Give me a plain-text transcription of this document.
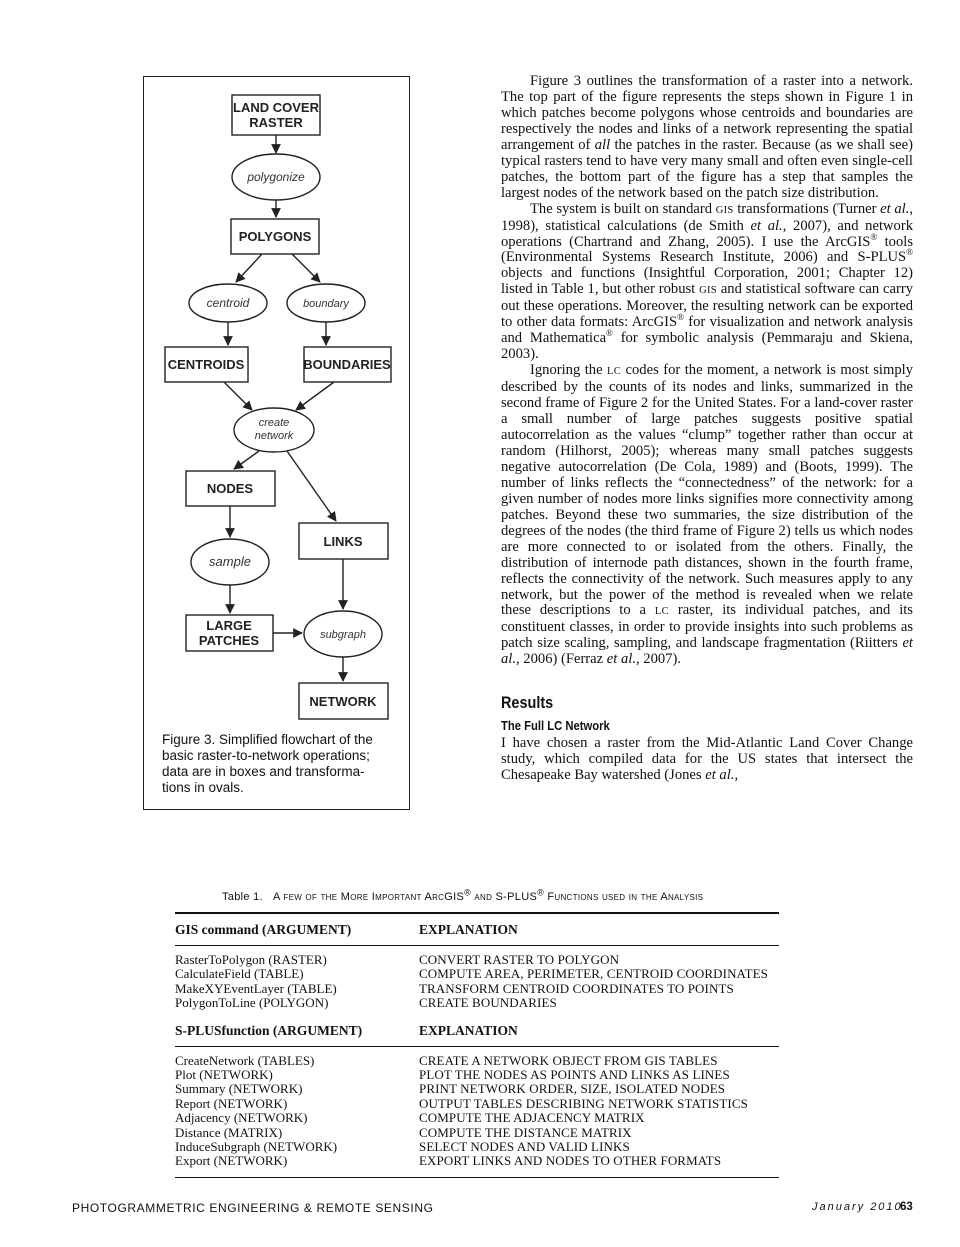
LAND COVER
RASTER
polygonize
POLYGONS
centroid	boundary
CENTROIDS	BOUNDARIES
create
network
NODES
LINKS
sample
LARGE
PATCHES	subgraph
NETWORK
Figure 3. Simplified flowchart of the
basic raster-to-network operations;
data are in boxes and transforma-
tions in ovals.

Figure 3 outlines the transformation of a raster into a network. The top part of the figure represents the steps shown in Figure 1 in which patches become polygons whose centroids and boundaries are respectively the nodes and links of a network representing the spatial arrangement of all the patches in the raster. Because (as we shall see) typical rasters tend to have very many small and often even single-cell patches, the bottom part of the figure has a step that samples the largest nodes of the network based on the patch size distribution.

The system is built on standard GIS transformations (Turner et al., 1998), statistical calculations (de Smith et al., 2007), and network operations (Chartrand and Zhang, 2005). I use the ArcGIS® tools (Environmental Systems Research Institute, 2006) and S-PLUS® objects and functions (Insightful Corporation, 2001; Chapter 12) listed in Table 1, but other robust GIS and statistical software can carry out these operations. Moreover, the resulting network can be exported to other data formats: ArcGIS® for visualization and network analysis and Mathematica® for symbolic analysis (Pemmaraju and Skiena, 2003).

Ignoring the LC codes for the moment, a network is most simply described by the counts of its nodes and links, summarized in the second frame of Figure 2 for the United States. For a land-cover raster a small number of large patches suggests positive spatial autocorrelation as the values “clump” together rather than occur at random (Hilhorst, 2005); whereas many small patches suggests negative autocorrelation (De Cola, 1989) and (Boots, 1999). The number of links reflects the “connectedness” of the network: for a given number of nodes more links signifies more connectivity among patches. Beyond these two summaries, the size distribution of the degrees of the nodes (the third frame of Figure 2) tells us which nodes are more connected to or isolated from the others. Finally, the distribution of internode path distances, shown in the fourth frame, reflects the connectivity of the network. Such measures apply to any network, but the power of the method is revealed when we relate these descriptions to a LC raster, its individual patches, and its constituent classes, in order to provide insights into such problems as patch size scaling, sampling, and landscape fragmentation (Riitters et al., 2006) (Ferraz et al., 2007).

Results
The Full LC Network

I have chosen a raster from the Mid-Atlantic Land Cover Change study, which compiled data for the US states that intersect the Chesapeake Bay watershed (Jones et al.,

Table 1. A few of the More Important ArcGIS® and S-PLUS® Functions used in the Analysis
GIS command (ARGUMENT)	EXPLANATION
RasterToPolygon (RASTER)	CONVERT RASTER TO POLYGON
CalculateField (TABLE)	COMPUTE AREA, PERIMETER, CENTROID COORDINATES
MakeXYEventLayer (TABLE)	TRANSFORM CENTROID COORDINATES TO POINTS
PolygonToLine (POLYGON)	CREATE BOUNDARIES
S-PLUSfunction (ARGUMENT)	EXPLANATION
CreateNetwork (TABLES)	CREATE A NETWORK OBJECT FROM GIS TABLES
Plot (NETWORK)	PLOT THE NODES AS POINTS AND LINKS AS LINES
Summary (NETWORK)	PRINT NETWORK ORDER, SIZE, ISOLATED NODES
Report (NETWORK)	OUTPUT TABLES DESCRIBING NETWORK STATISTICS
Adjacency (NETWORK)	COMPUTE THE ADJACENCY MATRIX
Distance (MATRIX)	COMPUTE THE DISTANCE MATRIX
InduceSubgraph (NETWORK)	SELECT NODES AND VALID LINKS
Export (NETWORK)	EXPORT LINKS AND NODES TO OTHER FORMATS
PHOTOGRAMMETRIC ENGINEERING & REMOTE SENSING	January 2010
63
